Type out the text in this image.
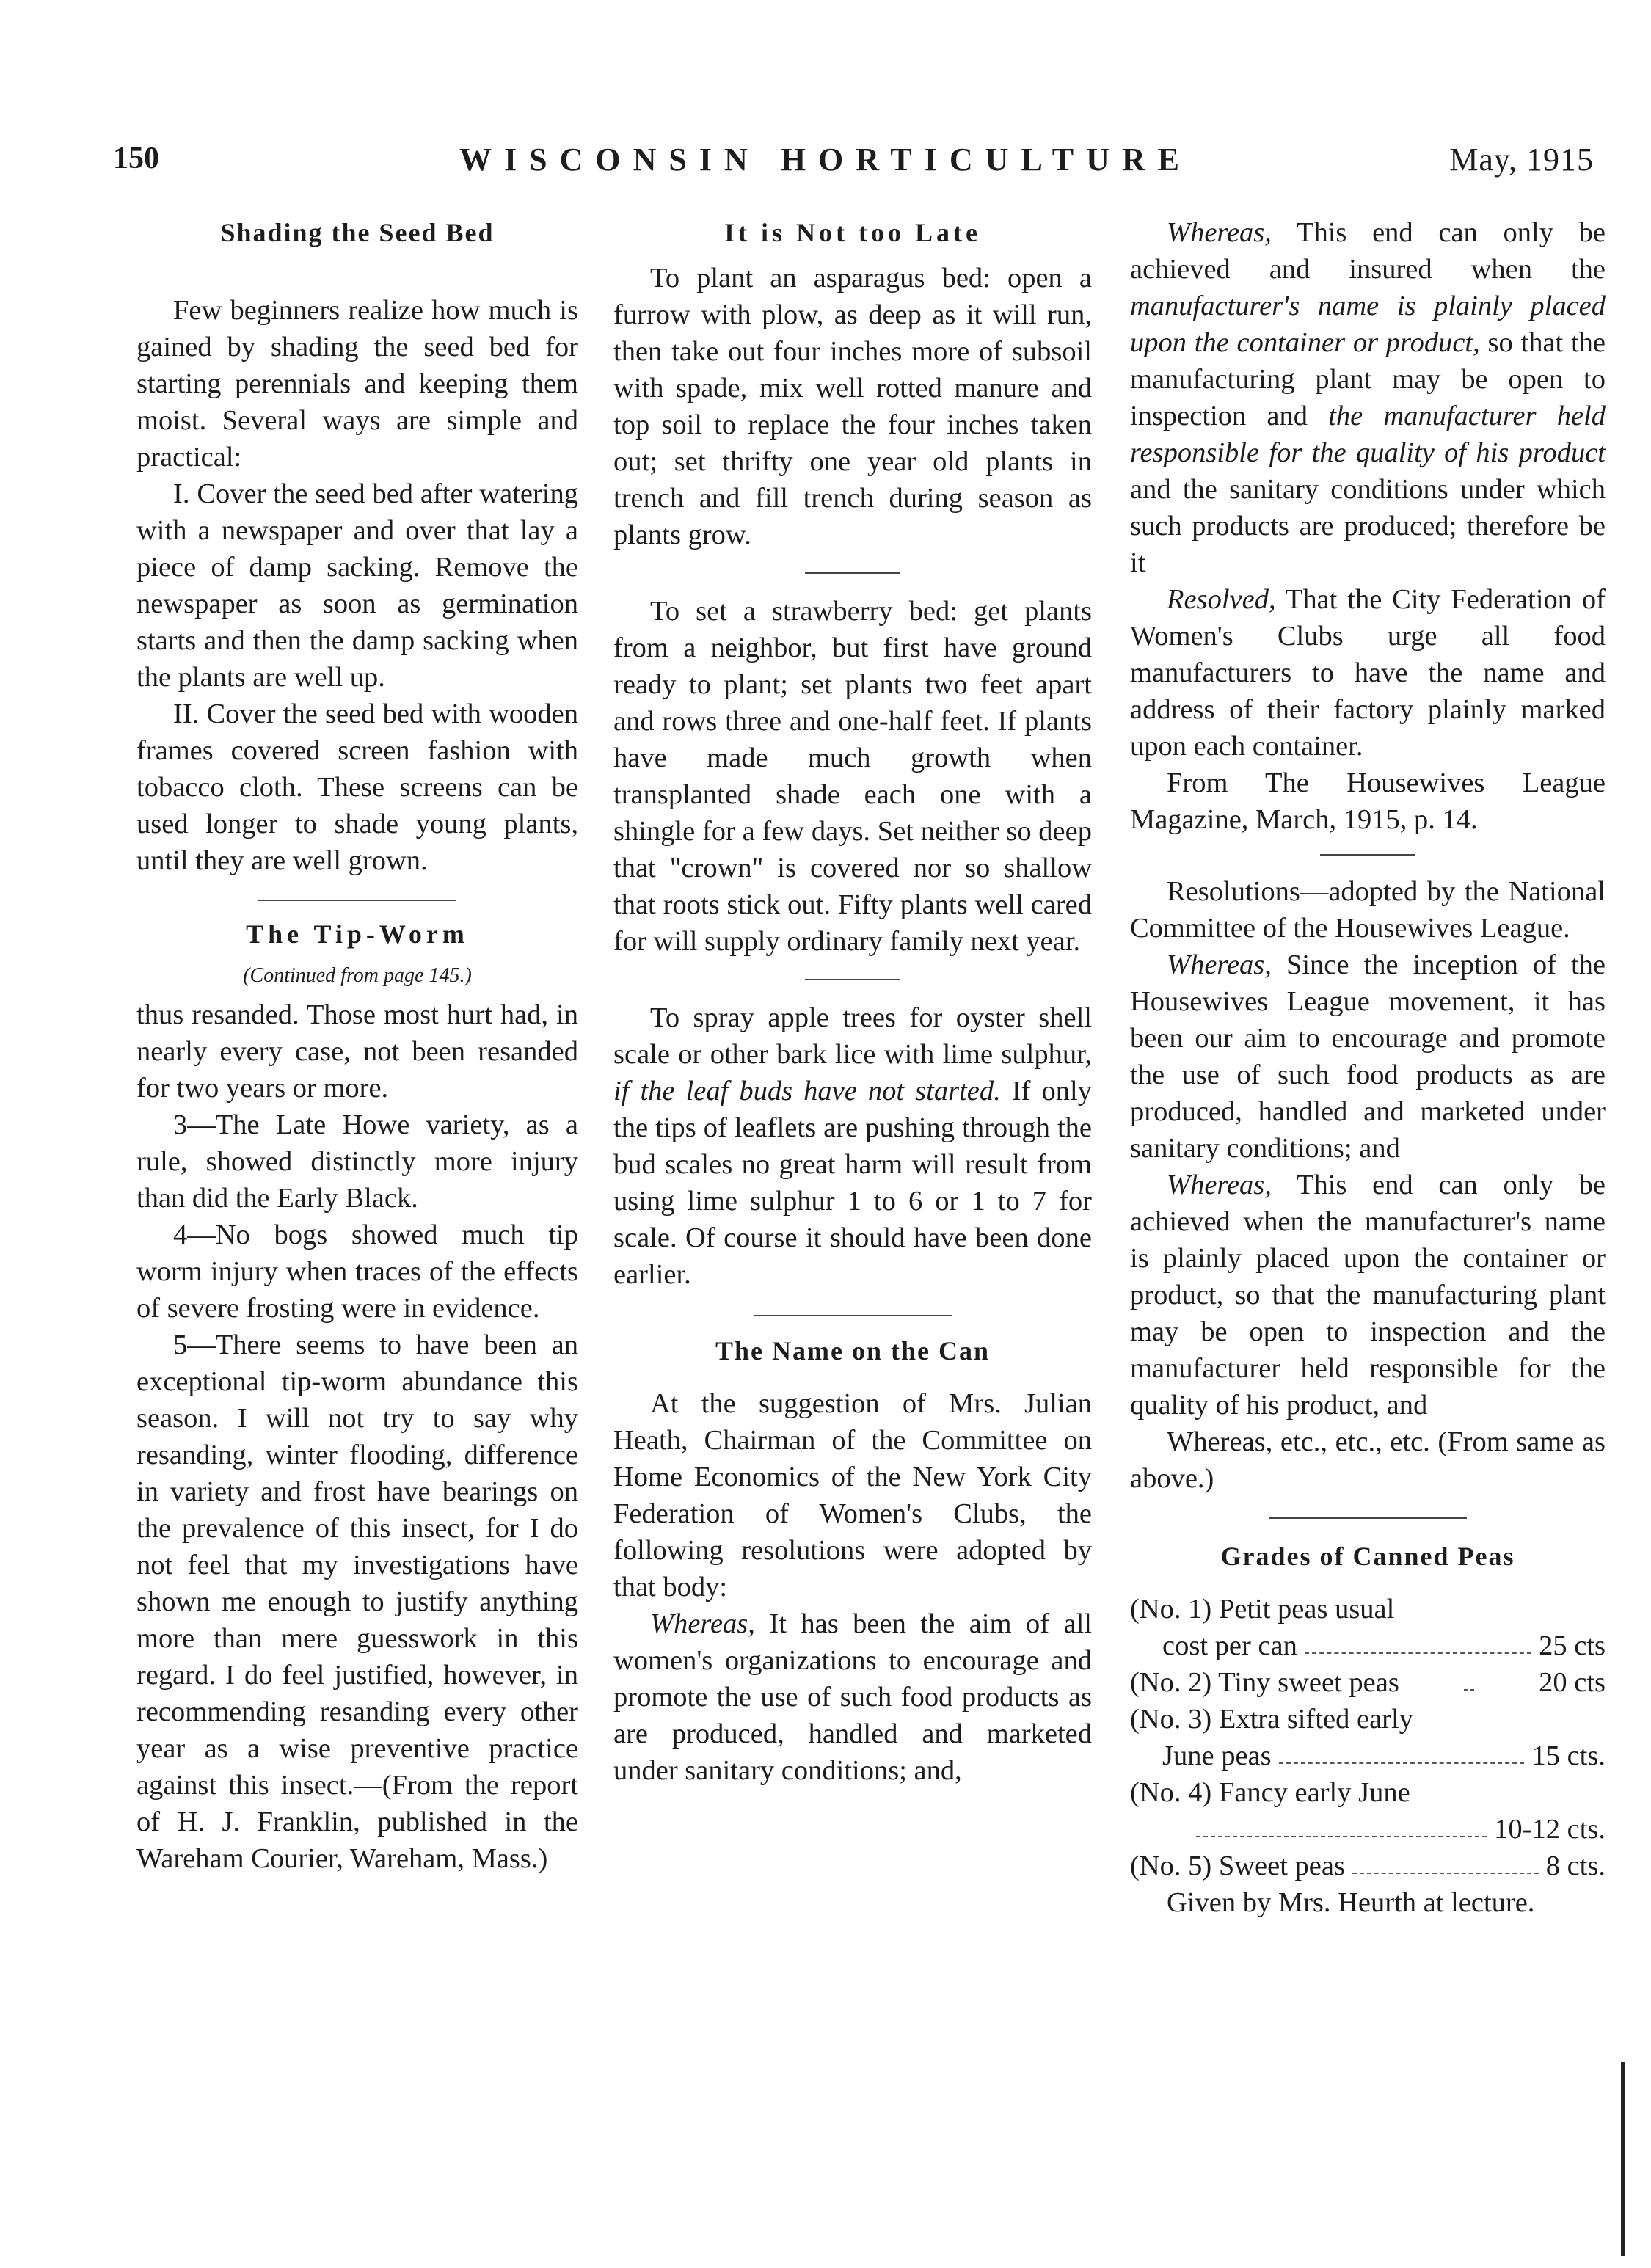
150	WISCONSIN HORTICULTURE	May, 1915
Shading the Seed Bed

Few beginners realize how much is gained by shading the seed bed for starting perennials and keeping them moist. Several ways are simple and practical:

I. Cover the seed bed after watering with a newspaper and over that lay a piece of damp sacking. Remove the newspaper as soon as germination starts and then the damp sacking when the plants are well up.

II. Cover the seed bed with wooden frames covered screen fashion with tobacco cloth. These screens can be used longer to shade young plants, until they are well grown.

The Tip-Worm
(Continued from page 145.)

thus resanded. Those most hurt had, in nearly every case, not been resanded for two years or more.

3—The Late Howe variety, as a rule, showed distinctly more injury than did the Early Black.

4—No bogs showed much tip worm injury when traces of the effects of severe frosting were in evidence.

5—There seems to have been an exceptional tip-worm abundance this season. I will not try to say why resanding, winter flooding, difference in variety and frost have bearings on the prevalence of this insect, for I do not feel that my investigations have shown me enough to justify anything more than mere guesswork in this regard. I do feel justified, however, in recommending resanding every other year as a wise preventive practice against this insect.—(From the report of H. J. Franklin, published in the Wareham Courier, Wareham, Mass.)

It is Not too Late

To plant an asparagus bed: open a furrow with plow, as deep as it will run, then take out four inches more of subsoil with spade, mix well rotted manure and top soil to replace the four inches taken out; set thrifty one year old plants in trench and fill trench during season as plants grow.

To set a strawberry bed: get plants from a neighbor, but first have ground ready to plant; set plants two feet apart and rows three and one-half feet. If plants have made much growth when transplanted shade each one with a shingle for a few days. Set neither so deep that "crown" is covered nor so shallow that roots stick out. Fifty plants well cared for will supply ordinary family next year.

To spray apple trees for oyster shell scale or other bark lice with lime sulphur, if the leaf buds have not started. If only the tips of leaflets are pushing through the bud scales no great harm will result from using lime sulphur 1 to 6 or 1 to 7 for scale. Of course it should have been done earlier.

The Name on the Can

At the suggestion of Mrs. Julian Heath, Chairman of the Committee on Home Economics of the New York City Federation of Women's Clubs, the following resolutions were adopted by that body:

Whereas, It has been the aim of all women's organizations to encourage and promote the use of such food products as are produced, handled and marketed under sanitary conditions; and,

Whereas, This end can only be achieved and insured when the manufacturer's name is plainly placed upon the container or product, so that the manufacturing plant may be open to inspection and the manufacturer held responsible for the quality of his product and the sanitary conditions under which such products are produced; therefore be it

Resolved, That the City Federation of Women's Clubs urge all food manufacturers to have the name and address of their factory plainly marked upon each container.

From The Housewives League Magazine, March, 1915, p. 14.

Resolutions—adopted by the National Committee of the Housewives League.

Whereas, Since the inception of the Housewives League movement, it has been our aim to encourage and promote the use of such food products as are produced, handled and marketed under sanitary conditions; and

Whereas, This end can only be achieved when the manufacturer's name is plainly placed upon the container or product, so that the manufacturing plant may be open to inspection and the manufacturer held responsible for the quality of his product, and

Whereas, etc., etc., etc. (From same as above.)

Grades of Canned Peas
(No. 1) Petit peas usual
cost per can	25 cts
(No. 2) Tiny sweet peas	20 cts
(No. 3) Extra sifted early
June peas	15 cts.
(No. 4) Fancy early June
10-12 cts.
(No. 5) Sweet peas	8 cts.

Given by Mrs. Heurth at lecture.
